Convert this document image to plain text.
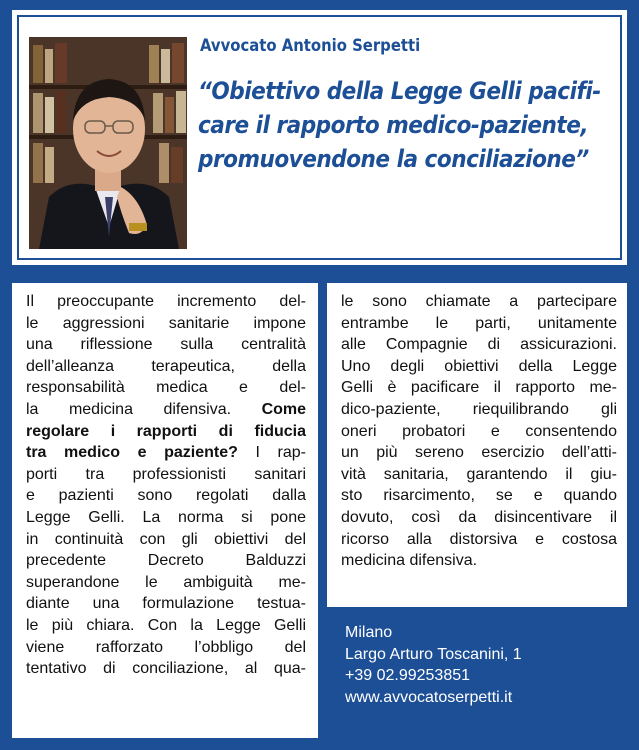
Avvocato Antonio Serpetti
“Obiettivo della Legge Gelli pacifi-
care il rapporto medico-paziente,
promuovendone la conciliazione”
Il preoccupante incremento del-
le aggressioni sanitarie impone
una riflessione sulla centralità
dell’alleanza terapeutica, della
responsabilità medica e del-
la medicina difensiva. Come
regolare i rapporti di fiducia
tra medico e paziente? I rap-
porti tra professionisti sanitari
e pazienti sono regolati dalla
Legge Gelli. La norma si pone
in continuità con gli obiettivi del
precedente Decreto Balduzzi
superandone le ambiguità me-
diante una formulazione testua-
le più chiara. Con la Legge Gelli
viene rafforzato l’obbligo del
tentativo di conciliazione, al qua-
le sono chiamate a partecipare
entrambe le parti, unitamente
alle Compagnie di assicurazioni.
Uno degli obiettivi della Legge
Gelli è pacificare il rapporto me-
dico-paziente, riequilibrando gli
oneri probatori e consentendo
un più sereno esercizio dell’atti-
vità sanitaria, garantendo il giu-
sto risarcimento, se e quando
dovuto, così da disincentivare il
ricorso alla distorsiva e costosa
medicina difensiva.
Milano
Largo Arturo Toscanini, 1
+39 02.99253851
www.avvocatoserpetti.it
